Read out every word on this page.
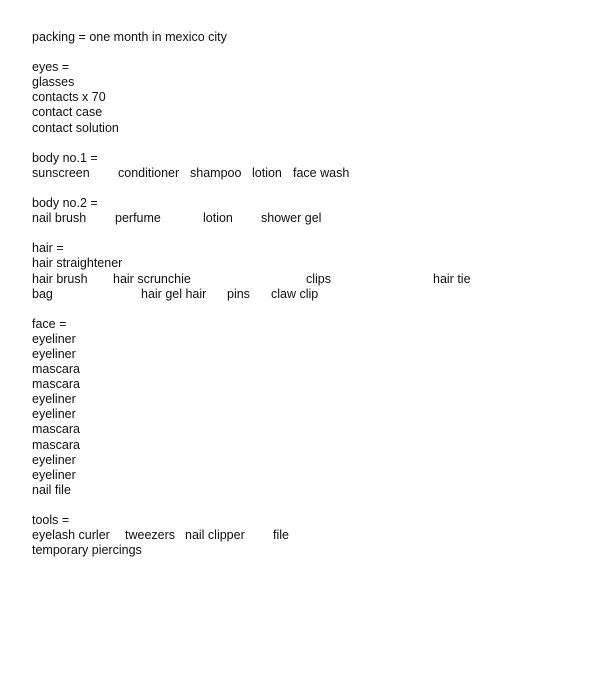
packing = one month in mexico city
eyes =
glasses
contacts x 70
contact case
contact solution
body no.1 =
sunscreen	conditioner shampoo lotion face wash
body no.2 =
nail brush	perfume	lotion	shower gel
hair =
hair straightener
hair brush	hair scrunchie	clips	hair tie
bag	hair gel hair	pins	claw clip
face =
eyeliner
eyeliner
mascara
mascara
eyeliner
eyeliner
mascara
mascara
eyeliner
eyeliner
nail file
tools =
eyelash curler	tweezers nail clipper	file
temporary piercings
